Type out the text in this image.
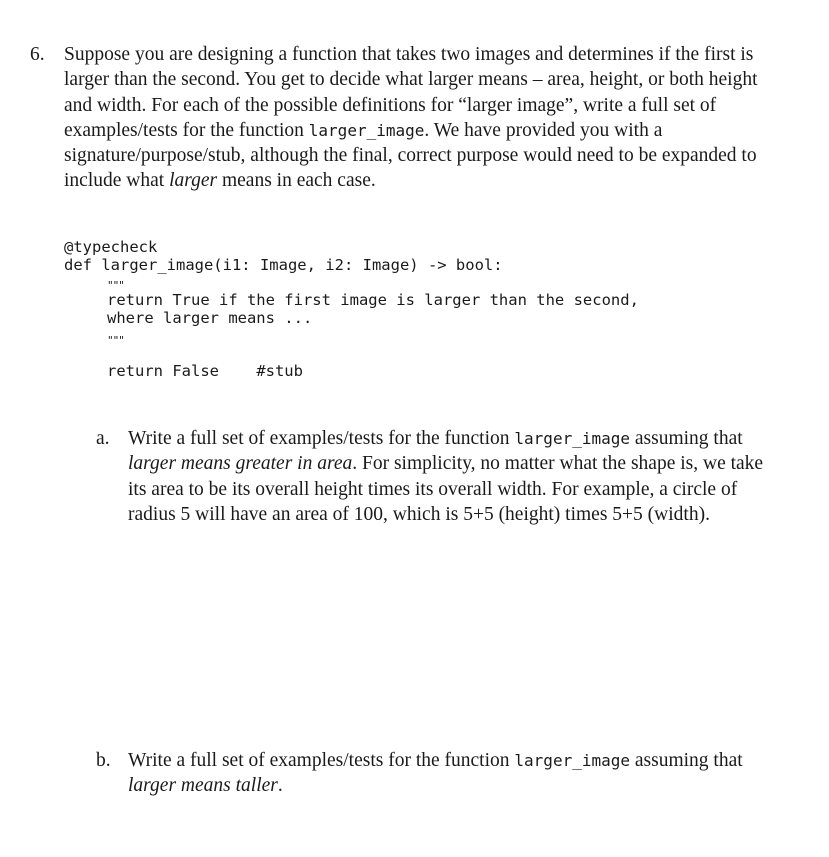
6. Suppose you are designing a function that takes two images and determines if the first is larger than the second. You get to decide what larger means – area, height, or both height and width. For each of the possible definitions for “larger image”, write a full set of examples/tests for the function larger_image. We have provided you with a signature/purpose/stub, although the final, correct purpose would need to be expanded to include what larger means in each case.
@typecheck
def larger_image(i1: Image, i2: Image) -> bool:
"""
return True if the first image is larger than the second,
where larger means ...
"""
return False #stub
a. Write a full set of examples/tests for the function larger_image assuming that larger means greater in area. For simplicity, no matter what the shape is, we take its area to be its overall height times its overall width. For example, a circle of radius 5 will have an area of 100, which is 5+5 (height) times 5+5 (width).
b. Write a full set of examples/tests for the function larger_image assuming that larger means taller.
